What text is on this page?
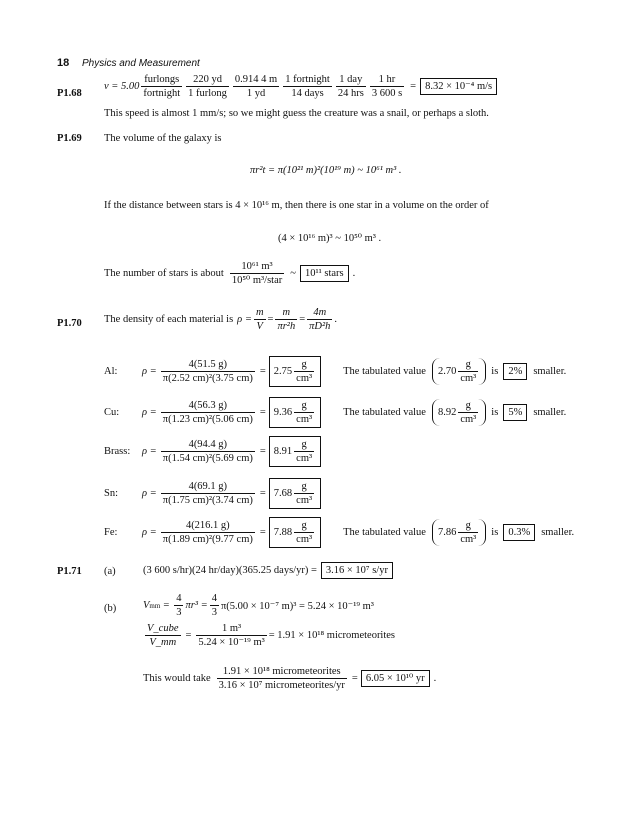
18 Physics and Measurement
P1.68
$v = 5.00 \frac{\text{furlongs}}{\text{fortnight}} \frac{220 yd}{\text{1 furlong}} \frac{0.914 4 m}{1 yd} \frac{\text{1 fortnight}}{\text{14 days}} \frac{\text{1 day}}{\text{24 hrs}} \frac{1 hr}{3 600 s} = 8.32 \times 10^{-4}$ m/s
This speed is almost 1 mm/s; so we might guess the creature was a snail, or perhaps a sloth.
P1.69 The volume of the galaxy is
πr²t = π(10²¹ m)²(10¹⁹ m) ~ 10⁶¹ m³ .
If the distance between stars is 4 × 10¹⁶ m, then there is one star in a volume on the order of
(4 × 10¹⁶ m)³ ~ 10⁵⁰ m³ .
The number of stars is about $\frac{\text{10⁶¹ m³}}{\text{10⁵⁰ m³/star}}$ ~ 10¹¹ stars .
P1.70 The density of each material is $\rho = \frac{m}{V} = \frac{m}{\text{πr²h}} = \frac{4m}{\text{πD²h}}$ .
Al:	$\rho = \frac{4(51.5 g)}{\text{π(2.52 cm)²(3.75 cm)}} = 2.75 \frac{g}{\text{cm³}}$	The tabulated value $2.70 \frac{g}{\text{cm³}}$ is 2%	smaller.
Cu:	$\rho = \frac{4(56.3 g)}{\text{π(1.23 cm)²(5.06 cm)}} = 9.36 \frac{g}{\text{cm³}}$	The tabulated value $8.92 \frac{g}{\text{cm³}}$ is 5%	smaller.
Brass:	$\rho = \frac{4(94.4 g)}{\text{π(1.54 cm)²(5.69 cm)}} = 8.91 \frac{g}{\text{cm³}}$
Sn:	$\rho = \frac{4(69.1 g)}{\text{π(1.75 cm)²(3.74 cm)}} = 7.68 \frac{g}{\text{cm³}}$
Fe:	$\rho = \frac{4(216.1 g)}{\text{π(1.89 cm)²(9.77 cm)}} = 7.88 \frac{g}{\text{cm³}}$	The tabulated value $7.86 \frac{g}{\text{cm³}}$ is 0.3%	smaller.
P1.71 (a)	(3 600 s/hr)(24 hr/day)(365.25 days/yr) = 3.16 × 10⁷ s/yr
(b)	V mm = $\frac{4}{3} \pi r^3 = \frac{4}{3} \pi(5.00 \times 10^{-7}$ m)³ = 5.24 × 10⁻¹⁹ m³
$\frac{\text{V\_cube}}{V\_mm} = \frac{\text{1 m³}}{\text{5.24 × 10⁻¹⁹ m³}} = 1.91 \times 10^{18}$ micrometeorites
This would take $\frac{\text{1.91 × 10¹⁸ micrometeorites}}{\text{3.16 × 10⁷ micrometeorites/yr}} = 6.05 \times 10^{10}$ yr .
